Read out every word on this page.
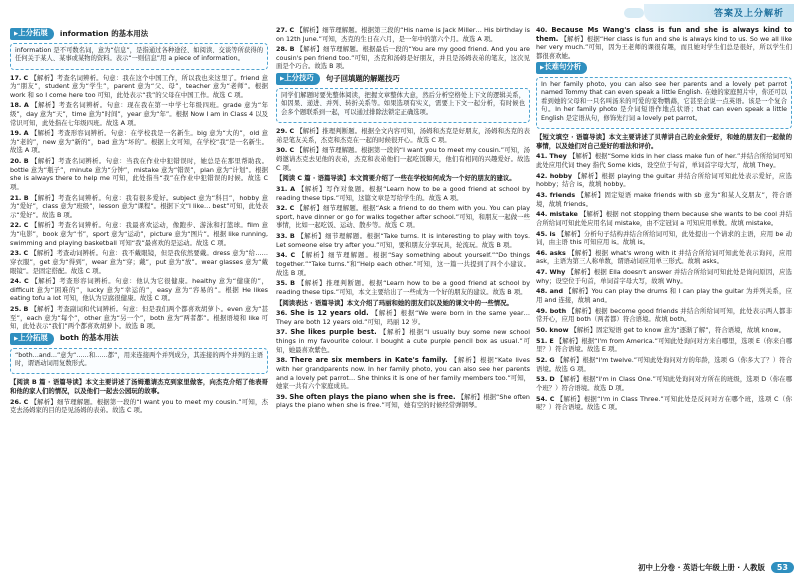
答案及上分解析
▶ 上分拓展	information 的基本用法

information 是不可数名词，意为“信息”，是指通过各种途径、如阅读、交谈等所获得的任何关于某人、某事或某物的资料。表示“一则信息”用 a piece of information。

17. C 【解析】考查名词辨析。句意：我在这个中国工作，所以我也来这里了。friend 意为“朋友”，student 意为“学生”，parent 意为“父、母”，teacher 意为“老师”。根据 work 和 so I come here too 可知，此处表示“我”的父母在中国工作。故选 C 项。

18. A 【解析】考查名词辨析。句意：现在我在第一中学七年级四班。grade 意为“年级”，day 意为“天”，time 意为“时间”，year 意为“年”。根据 Now I am in Class 4 以及常识可知，此处指在七年级四班。故选 A 项。

19. A 【解析】考查形容词辨析。句意：在学校我是一名新生。big 意为“大的”，old 意为“老的”，new 意为“新的”，bad 意为“坏的”。根据上文可知，在学校“我”是一名新生。故选 A 项。

20. B 【解析】考查名词辨析。句意：当我在作业中犯错误时，她总是在那里帮助我。bottle 意为“瓶子”，minute 意为“分钟”，mistake 意为“错误”，plan 意为“计划”。根据 she is always there to help me 可知，此处指当“我”在作业中犯错误的时候。故选 C 项。

21. B 【解析】考查名词辨析。句意：我有很多爱好。subject 意为“科目”，hobby 意为“爱好”，class 意为“班级”，lesson 意为“课程”。根据下文“I like… best”可知，此处表示“爱好”。故选 B 项。

22. C 【解析】考查名词辨析。句意：我最喜欢运动，像跑步、游泳和打篮球。film 意为“电影”，book 意为“书”，sport 意为“运动”，picture 意为“图片”。根据 like running, swimming and playing basketball 可知“我”最喜欢的是运动。故选 C 项。

23. C 【解析】考查动词辨析。句意：我不戴眼镜，但是我依然要戴。dress 意为“给……穿衣服”，get 意为“得到”，wear 意为“穿；戴”，put 意为“放”。wear glasses 意为“戴眼镜”。是固定搭配。故选 C 项。

24. C 【解析】考查形容词辨析。句意：他认为它很健康。healthy 意为“健康的”，difficult 意为“困难的”，lucky 意为“幸运的”，easy 意为“容易的”。根据 He likes eating tofu a lot 可知，他认为豆腐很健康。故选 C 项。

25. B 【解析】考查副词和代词辨析。句意：但是我们两个都喜欢胡萝卜。even 意为“甚至”，each 意为“每个”，other 意为“另一个”，both 意为“两者都”。根据语境和 like 可知，此处表示“我们”两个都喜欢胡萝卜。故选 B 项。

▶ 上分拓展	both 的基本用法

“both…and…”意为“……和……都”，用来连接两个并列成分，其连接的两个并列的主语时，谓语动词用复数形式。

【阅读 B 篇 · 语篇导读】本文主要讲述了汤姆邀请杰克到家里做客，向杰克介绍了他表哥和他的家人们的情况，以及他们一起去公园玩的故事。

26. C 【解析】细节理解题。根据第一段的“I want you to meet my cousin.”可知，杰克去汤姆家的目的是见汤姆的表弟。故选 C 项。

27. C 【解析】细节理解题。根据第三段的“His name is Jack Miller… His birthday is on 12th June.”可知，杰克的生日在六月，是一年中的第六个月。故选 A 项。

28. B 【解析】细节理解题。根据最后一段的“You are my good friend. And you are cousin's pen friend too.”可知，杰克和汤姆是好朋友，并且是汤姆表弟的笔友，这次见面是个巧合。故选 B 项。

▶ 上分技巧	句子回填题的解题技巧

同学们解题时要先整体阅读，把握文章整体大意，然后分析空格处上下文的逻辑关系，如因果、递进、并列、转折关系等。如果选项有实义，需要上下文一起分析，有时候也会多个题联系到一起，可以通过排除法锁定正确选项。

29. C 【解析】推理判断题。根据全文内容可知，汤姆和杰克是好朋友，汤姆和杰克的表弟是笔友关系，杰克和杰克在一起的时候很开心。故选 C 项。

30. C 【解析】细节理解题。根据第一段的“I want you to meet my cousin.”可知，汤姆邀请杰克去见他的表弟，杰克和表弟他们一起吃饭聊天，他们有相同的兴趣爱好。故选 C 项。

【阅读 C 篇 · 语篇导读】本文简要介绍了一些在学校如何成为一个好的朋友的建议。

31. A 【解析】写作对象题。根据“Learn how to be a good friend at school by reading these tips.”可知，这篇文章是写给学生的。故选 A 项。

32. C 【解析】细节理解题。根据“Ask a friend to do them with you. You can play sport, have dinner or go for walks together after school.”可知，和朋友一起做一些事情，比如一起吃饭、运动、散步等。故选 C 项。

33. B 【解析】细节理解题。根据“Take turns. It is interesting to play with toys. Let someone else try after you.”可知，要和朋友分享玩具，轮流玩。故选 B 项。

34. C 【解析】细节理解题。根据“Say something about yourself.”“Do things together.”“Take turns.”和“Help each other.”可知，这一篇一共提到了四个小建议。故选 B 项。

35. B 【解析】推理判断题。根据“Learn how to be a good friend at school by reading these tips.”可知，本文主要给出了一些成为一个好的朋友的建议。故选 B 项。

【阅读表达 · 语篇导读】本文介绍了玛丽和她的朋友们以及她的课文中的一些情况。

36. She is 12 years old. 【解析】根据“We were born in the same year… They are both 12 years old.”可知，玛丽 12 岁。

37. She likes purple best. 【解析】根据“I usually buy some new school things in my favourite colour. I bought a cute purple pencil box as usual.”可知，她最喜欢紫色。

38. There are six members in Kate's family. 【解析】根据“Kate lives with her grandparents now. In her family photo, you can also see her parents and a lovely pet parrot… She thinks it is one of her family members too.”可知，她家一共有六个家庭成员。

39. She often plays the piano when she is free. 【解析】根据“She often plays the piano when she is free.”可知，她有空的时候经常弹钢琴。

40. Because Ms Wang's class is fun and she is always kind to them. 【解析】根据“Her class is fun and she is always kind to us. So we all like her very much.”可知，因为王老师的课很有趣，而且她对学生们总是很好，所以学生们都很喜欢她。

▶ 长难句分析

In her family photo, you can also see her parents and a lovely pet parrot named Tommy that can even speak a little English. 在她的家庭照片中，你还可以看到她的父母和一只名叫汤米的可爱的宠物鹦鹉，它甚至会说一点英语。该是一个复合句。In her family photo 是介词短语作地点状语；that can even speak a little English 是定语从句，修饰先行词 a lovely pet parrot。

【短文填空 · 语篇导读】本文主要讲述了贝蒂讲自己的业余爱好，和她的朋友们一起做的事情，以及她们对自己爱好的看法和评价。

41. They 【解析】根据“Some kids in her class make fun of her.”并结合所给词可知此处应用代词 they 指代 Some kids，设空位于句首，单词首字母大写，故填 They。

42. hobby 【解析】根据 playing the guitar 并结合所给词可知此处表示爱好，应选 hobby；结合 is，故填 hobby。

43. friends 【解析】固定短语 make friends with sb 意为“和某人交朋友”，符合语境，故填 friends。

44. mistake 【解析】根据 not stopping them because she wants to be cool 并结合所给词可知此处应用名词 mistake，由不定冠词 a 可知应用单数。故填 mistake。

45. is 【解析】分析句子结构并结合所给词可知，此处提出一个请求的主语，应用 be 动词，由主语 this 可知应用 is。故填 is。

46. asks 【解析】根据 what's wrong with it 并结合所给词可知此处表示询问，应用 ask，主语为第三人称单数，谓语动词应用单三形式。故填 asks。

47. Why 【解析】根据 Ella doesn't answer 并结合所给词可知此处是询问原因，应选 why；设空位于句首，单词首字母大写，故填 Why。

48. and 【解析】You can play the drums 和 I can play the guitar 为并列关系，应用 and 连接，故填 and。

49. both 【解析】根据 become good friends 并结合所给词可知，此处表示两人都非常开心，应用 both（两者都）符合语境。故填 both。

50. know 【解析】固定短语 get to know 意为“逐渐了解”，符合语境，故填 know。

51. E 【解析】根据“I'm from America.”可知此处询问对方来自哪里，选项 E（你来自哪里？）符合语境。故选 E 项。

52. G 【解析】根据“I'm twelve.”可知此处询问对方的年龄，选项 G（你多大了？）符合语境。故选 G 项。

53. D 【解析】根据“I'm in Class One.”可知此处询问对方所在的班级，选项 D（你在哪个班？）符合语境。故选 D 项。

54. C 【解析】根据“I'm in Class Three.”可知此处是反问对方在哪个班，选项 C（你呢？）符合语境。故选 C 项。

初中上分卷 · 英语七年级上册 · 人教版	53
